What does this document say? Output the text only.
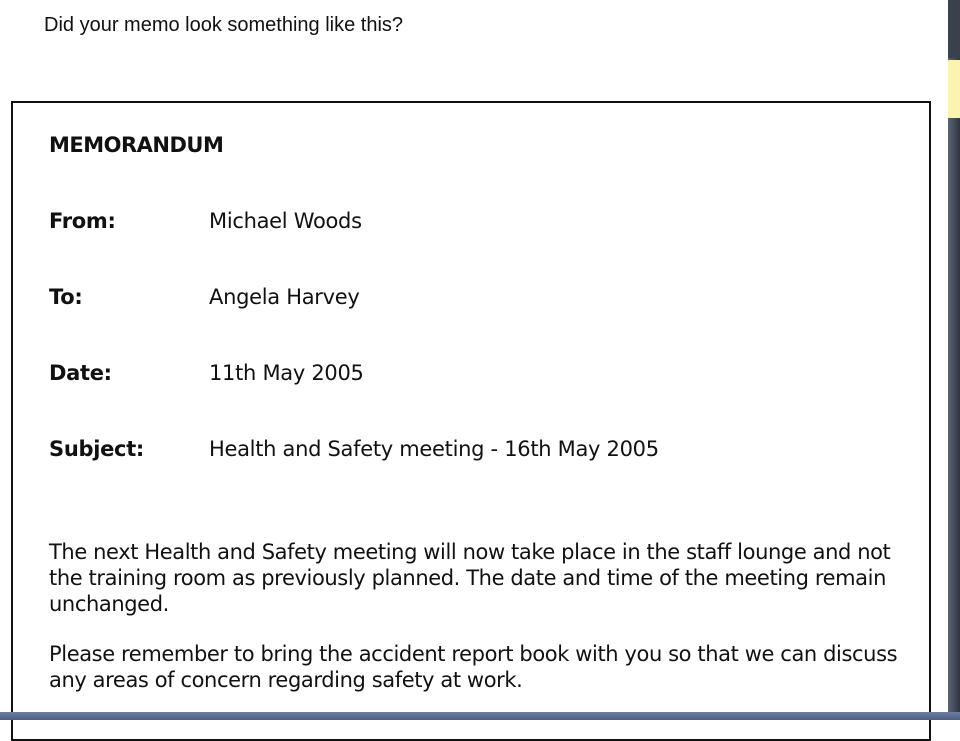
Did your memo look something like this?

MEMORANDUM
From:	Michael Woods
To:	Angela Harvey
Date:	11th May 2005
Subject:	Health and Safety meeting - 16th May 2005

The next Health and Safety meeting will now take place in the staff lounge and not the training room as previously planned. The date and time of the meeting remain unchanged.

Please remember to bring the accident report book with you so that we can discuss any areas of concern regarding safety at work.
